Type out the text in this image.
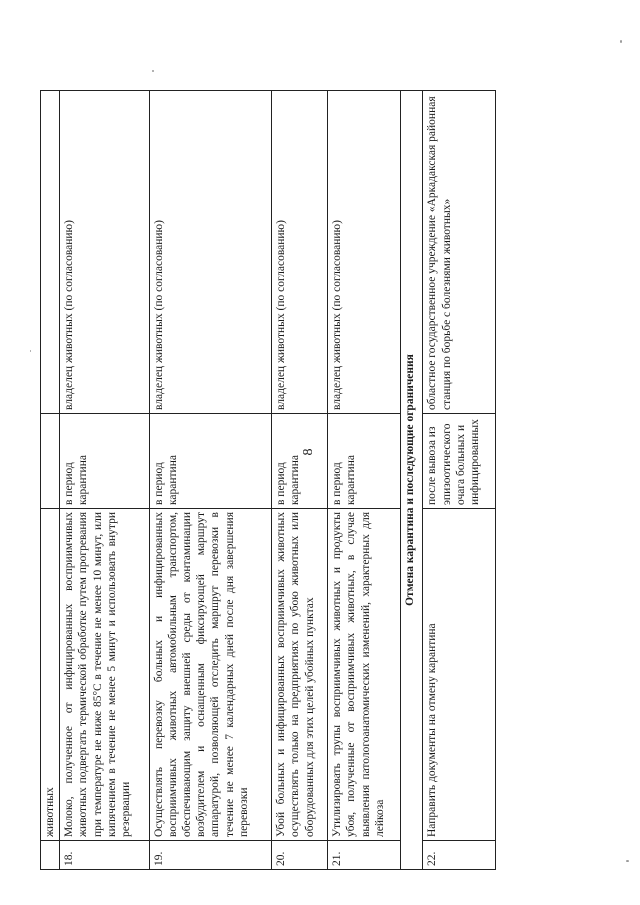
8
	животных		
18.	Молоко, полученное от инфицированных восприимчивых животных подвергать термической обработке путем прогревания при температуре не ниже 85°C в течение не менее 10 минут, или кипячением в течение не менее 5 минут и использовать внутри резервации	в период карантина	владелец животных (по согласованию)
19.	Осуществлять перевозку больных и инфицированных восприимчивых животных автомобильным транспортом, обеспечивающим защиту внешней среды от контаминации возбудителем и оснащенным фиксирующей маршрут аппаратурой, позволяющей отследить маршрут перевозки в течение не менее 7 календарных дней после дня завершения перевозки	в период карантина	владелец животных (по согласованию)
20.	Убой больных и инфицированных восприимчивых животных осуществлять только на предприятиях по убою животных или оборудованных для этих целей убойных пунктах	в период карантина	владелец животных (по согласованию)
21.	Утилизировать трупы восприимчивых животных и продукты убоя, полученные от восприимчивых животных, в случае выявления патологоанатомических изменений, характерных для лейкоза	в период карантина	владелец животных (по согласованию)
Отмена карантина и последующие ограничения			
22.	Направить документы на отмену карантина	после вывоза из эпизоотического очага больных и инфицированных	областное государственное учреждение «Аркадакская районная станция по борьбе с болезнями животных»
